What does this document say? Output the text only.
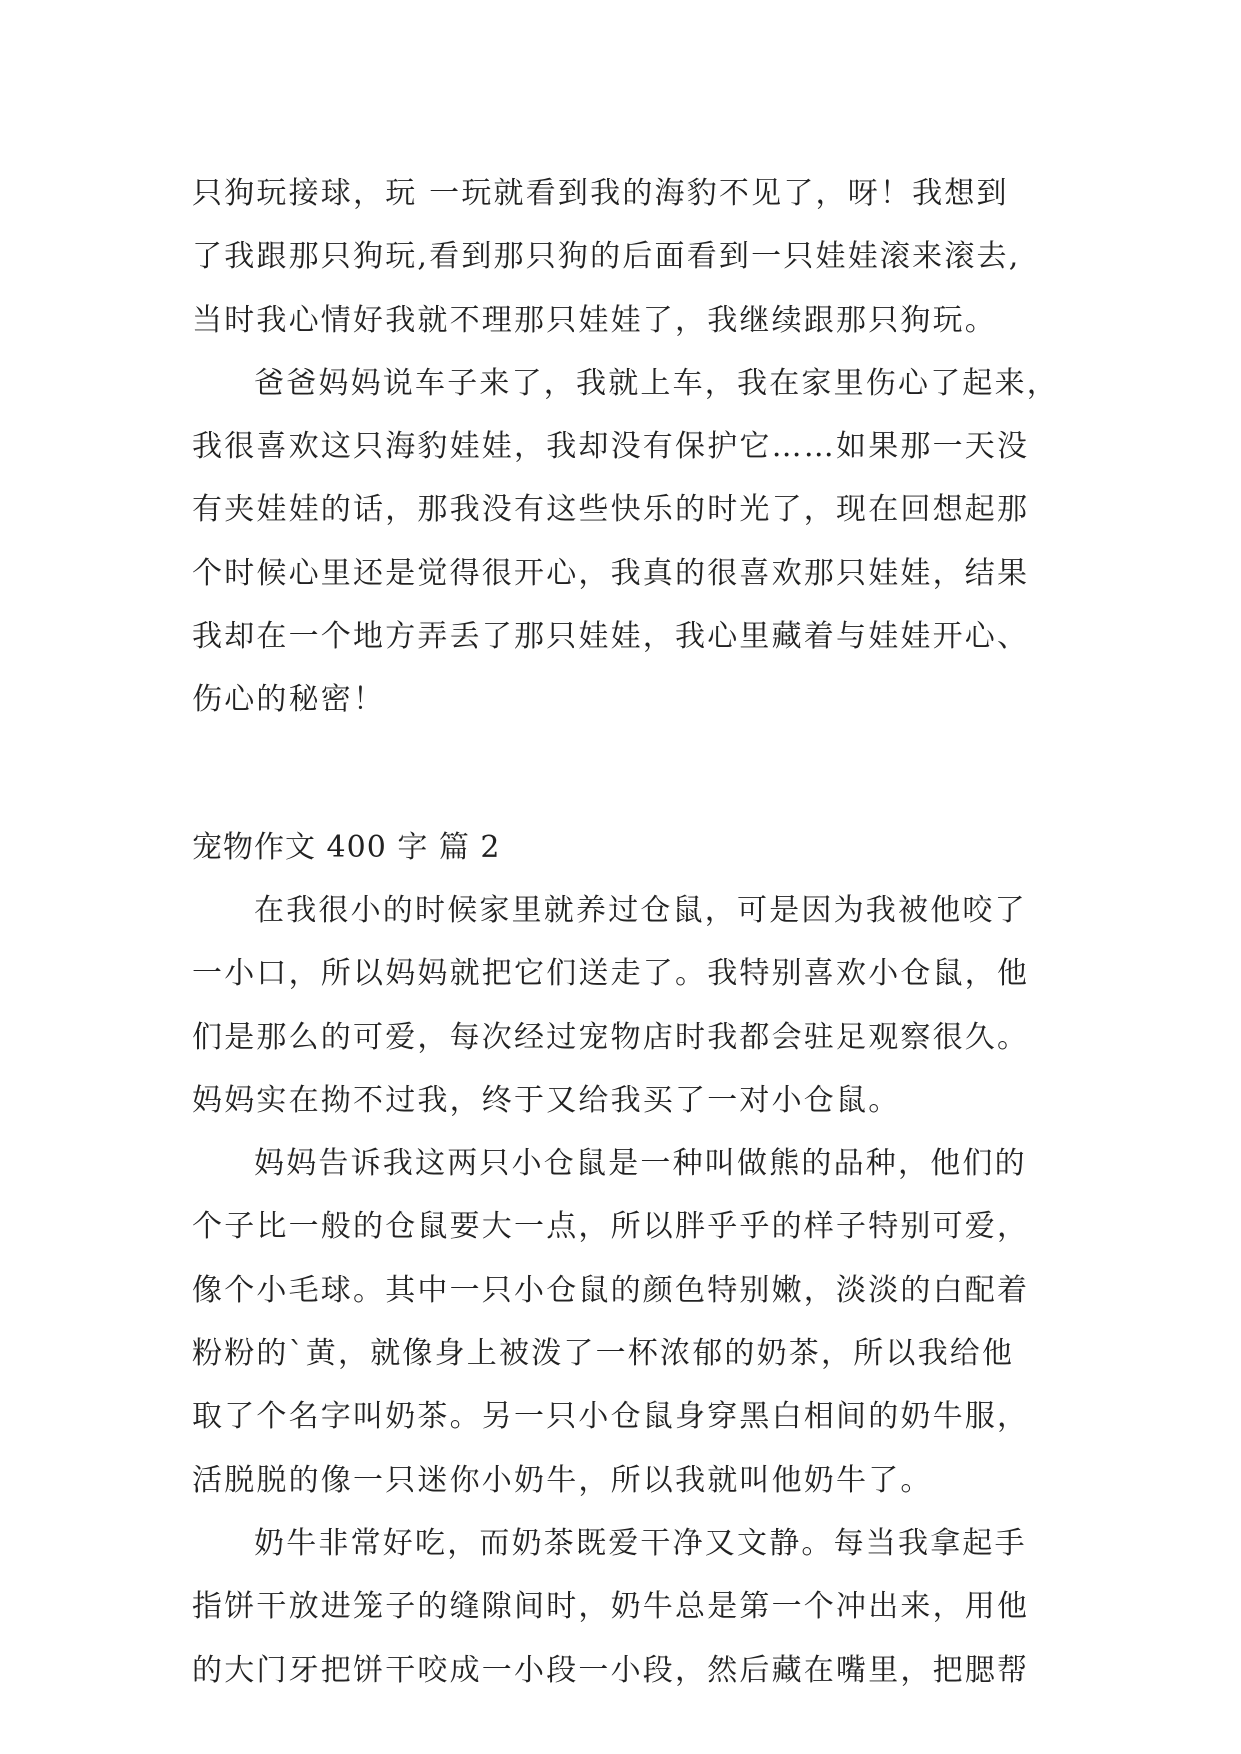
只狗玩接球，玩 一玩就看到我的海豹不见了，呀！我想到
了我跟那只狗玩,看到那只狗的后面看到一只娃娃滚来滚去,
当时我心情好我就不理那只娃娃了，我继续跟那只狗玩。
爸爸妈妈说车子来了，我就上车，我在家里伤心了起来，
我很喜欢这只海豹娃娃，我却没有保护它……如果那一天没
有夹娃娃的话，那我没有这些快乐的时光了，现在回想起那
个时候心里还是觉得很开心，我真的很喜欢那只娃娃，结果
我却在一个地方弄丢了那只娃娃，我心里藏着与娃娃开心、
伤心的秘密！
宠物作文 400 字 篇 2
在我很小的时候家里就养过仓鼠，可是因为我被他咬了
一小口，所以妈妈就把它们送走了。我特别喜欢小仓鼠，他
们是那么的可爱，每次经过宠物店时我都会驻足观察很久。
妈妈实在拗不过我，终于又给我买了一对小仓鼠。
妈妈告诉我这两只小仓鼠是一种叫做熊的品种，他们的
个子比一般的仓鼠要大一点，所以胖乎乎的样子特别可爱，
像个小毛球。其中一只小仓鼠的颜色特别嫩，淡淡的白配着
粉粉的`黄，就像身上被泼了一杯浓郁的奶茶，所以我给他
取了个名字叫奶茶。另一只小仓鼠身穿黑白相间的奶牛服，
活脱脱的像一只迷你小奶牛，所以我就叫他奶牛了。
奶牛非常好吃，而奶茶既爱干净又文静。每当我拿起手
指饼干放进笼子的缝隙间时，奶牛总是第一个冲出来，用他
的大门牙把饼干咬成一小段一小段，然后藏在嘴里，把腮帮
